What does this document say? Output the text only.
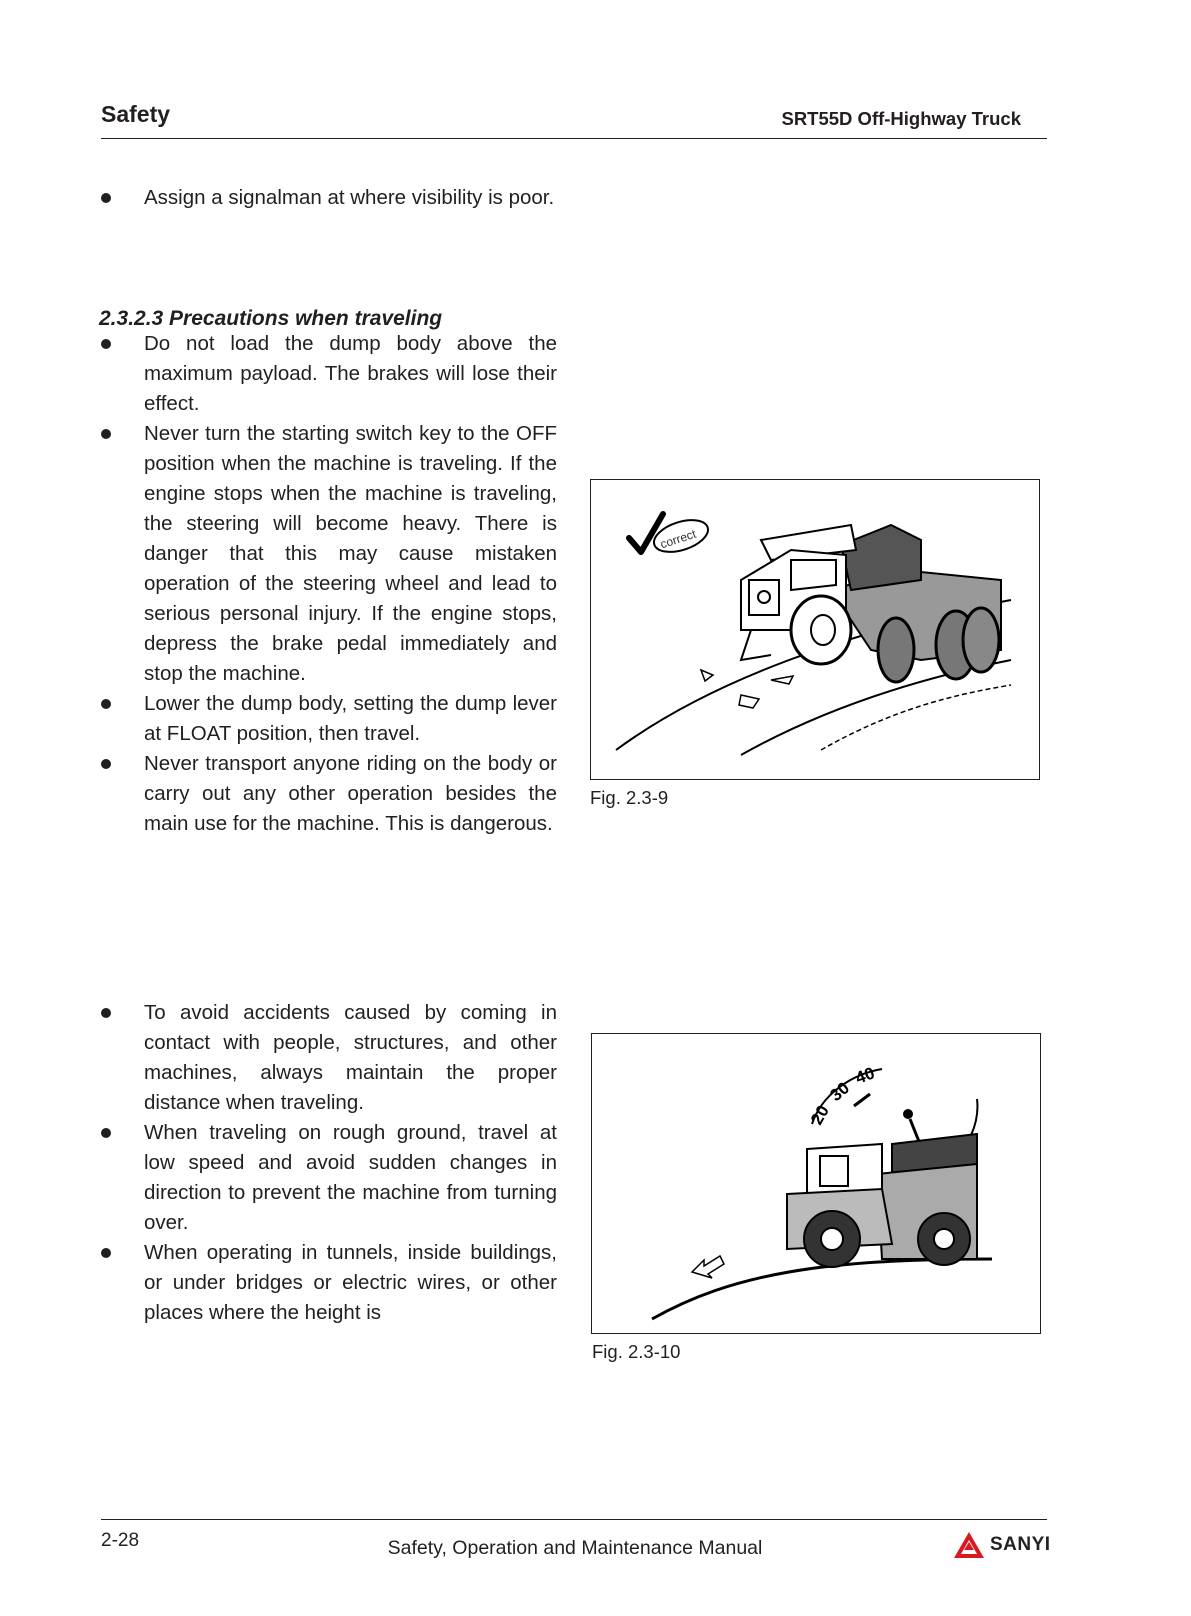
Safety	SRT55D Off-Highway Truck
Assign a signalman at where visibility is poor.
2.3.2.3 Precautions when traveling
Do not load the dump body above the maximum payload. The brakes will lose their effect.
Never turn the starting switch key to the OFF position when the machine is traveling. If the engine stops when the machine is traveling, the steering will become heavy. There is danger that this may cause mistaken operation of the steering wheel and lead to serious personal injury. If the engine stops, depress the brake pedal immediately and stop the machine.
Lower the dump body, setting the dump lever at FLOAT position, then travel.
Never transport anyone riding on the body or carry out any other operation besides the main use for the machine. This is dangerous.
correct
Fig. 2.3-9
To avoid accidents caused by coming in contact with people, structures, and other machines, always maintain the proper distance when traveling.
When traveling on rough ground, travel at low speed and avoid sudden changes in direction to prevent the machine from turning over.
When operating in tunnels, inside buildings, or under bridges or electric wires, or other places where the height is
20
30
40
Fig. 2.3-10
2-28	Safety, Operation and Maintenance Manual	SANYI
